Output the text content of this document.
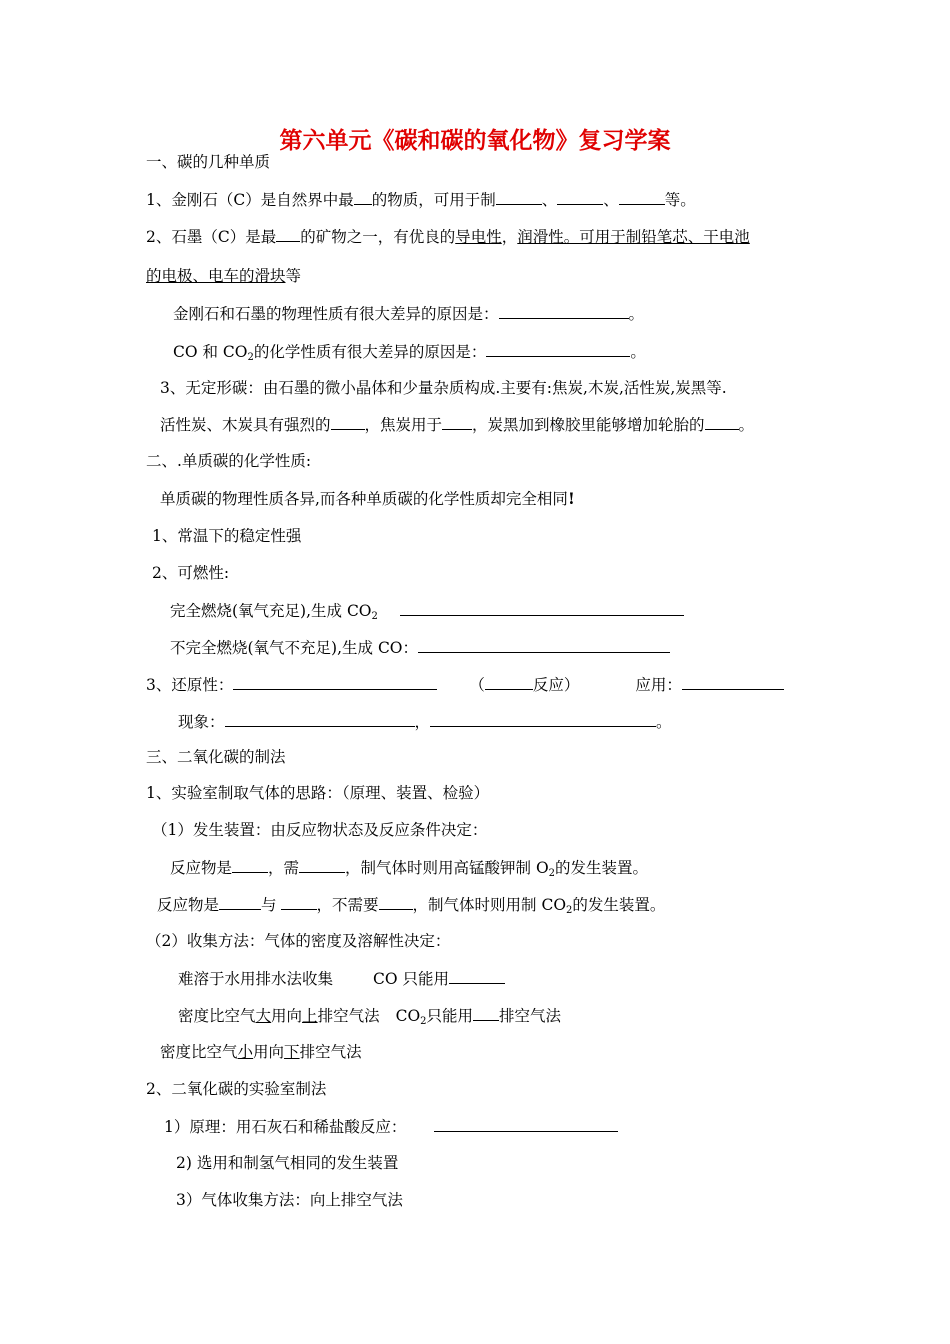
第六单元《碳和碳的氧化物》复习学案
一、碳的几种单质
1、金刚石（C）是自然界中最 的物质，可用于制	、	、	等。
2、石墨（C）是最 的矿物之一，有优良的导电性，润滑性。可用于制铅笔芯、干电池
的电极、电车的滑块等
金刚石和石墨的物理性质有很大差异的原因是：	。
CO 和 $CO_2$的化学性质有很大差异的原因是：	。
3、无定形碳：由石墨的微小晶体和少量杂质构成.主要有:焦炭,木炭,活性炭,炭黑等.
活性炭、木炭具有强烈的 ，焦炭用于 ，炭黑加到橡胶里能够增加轮胎的 。
二、.单质碳的化学性质:
单质碳的物理性质各异,而各种单质碳的化学性质却完全相同!
1、常温下的稳定性强
2、可燃性:
完全燃烧(氧气充足),生成 $CO_2$
不完全燃烧(氧气不充足),生成 CO：
3、还原性：	（	反应）	应用：
现象：	，	。
三、二氧化碳的制法
1、实验室制取气体的思路：（原理、装置、检验）
（1）发生装置：由反应物状态及反应条件决定：
反应物是 ，需	，制气体时则用高锰酸钾制 $O_2$的发生装置。
反应物是	与	，不需要 ，制气体时则用制 $CO_2$的发生装置。
（2）收集方法：气体的密度及溶解性决定：
难溶于水用排水法收集	CO 只能用
密度比空气大用向上排空气法 $CO_2$只能用 排空气法
密度比空气小用向下排空气法
2、二氧化碳的实验室制法
1）原理：用石灰石和稀盐酸反应：
2) 选用和制氢气相同的发生装置
3）气体收集方法：向上排空气法
